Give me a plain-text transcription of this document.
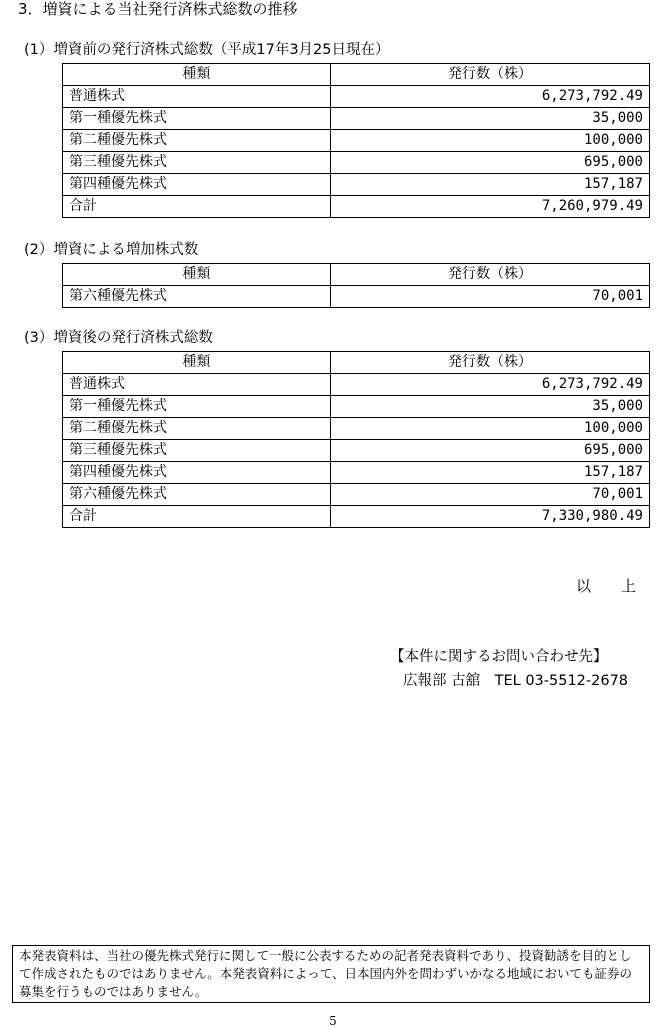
3．増資による当社発行済株式総数の推移
(1）増資前の発行済株式総数（平成17年3月25日現在）
種類	発行数（株）
普通株式	6,273,792.49
第一種優先株式	35,000
第二種優先株式	100,000
第三種優先株式	695,000
第四種優先株式	157,187
合計	7,260,979.49
(2）増資による増加株式数
種類	発行数（株）
第六種優先株式	70,001
(3）増資後の発行済株式総数
種類	発行数（株）
普通株式	6,273,792.49
第一種優先株式	35,000
第二種優先株式	100,000
第三種優先株式	695,000
第四種優先株式	157,187
第六種優先株式	70,001
合計	7,330,980.49
以　　上
【本件に関するお問い合わせ先】
広報部 古舘　TEL 03-5512-2678
本発表資料は、当社の優先株式発行に関して一般に公表するための記者発表資料であり、投資勧誘を目的として作成されたものではありません。本発表資料によって、日本国内外を問わずいかなる地域においても証券の募集を行うものではありません。
5
